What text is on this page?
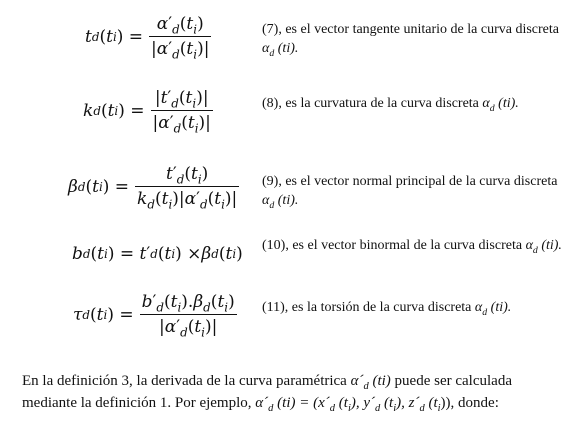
t d ( t i ) = $\frac{\alpha'_d(t_i)}{|\alpha'_d(t_i)|}$	(7), es el vector tangente unitario de la curva discreta $\alpha_d$ (ti).
k d ( t i ) = $\frac{|t'_d(t_i)|}{|\alpha'_d(t_i)|}$	(8), es la curvatura de la curva discreta $\alpha_d$ (ti).
β d ( t i ) = $\frac{t'_d(t_i)}{k_d(t_i)|\alpha'_d(t_i)|} (9)$, es el vector normal principal de la curva discreta $\alpha_d$ (ti).
b d ( t i ) = t ′ d ( t i ) × β d ( t i ) (10), es el vector binormal de la curva discreta $\alpha_d$ (ti).
τ d ( t i ) = $\frac{b'_d(t_i).\beta_d(t_i)}{|\alpha'_d(t_i)|} (11)$, es la torsión de la curva discreta $\alpha_d$ (ti).
En la definición 3, la derivada de la curva paramétrica $\alpha´_d$ (ti) puede ser calculada mediante la definición 1. Por ejemplo, $\alpha´_d$ $(ti) = (x´_d$ $(t_i)$, $y´_d$ $(t_i)$, $z´_d$ $(t_i)$), donde:
